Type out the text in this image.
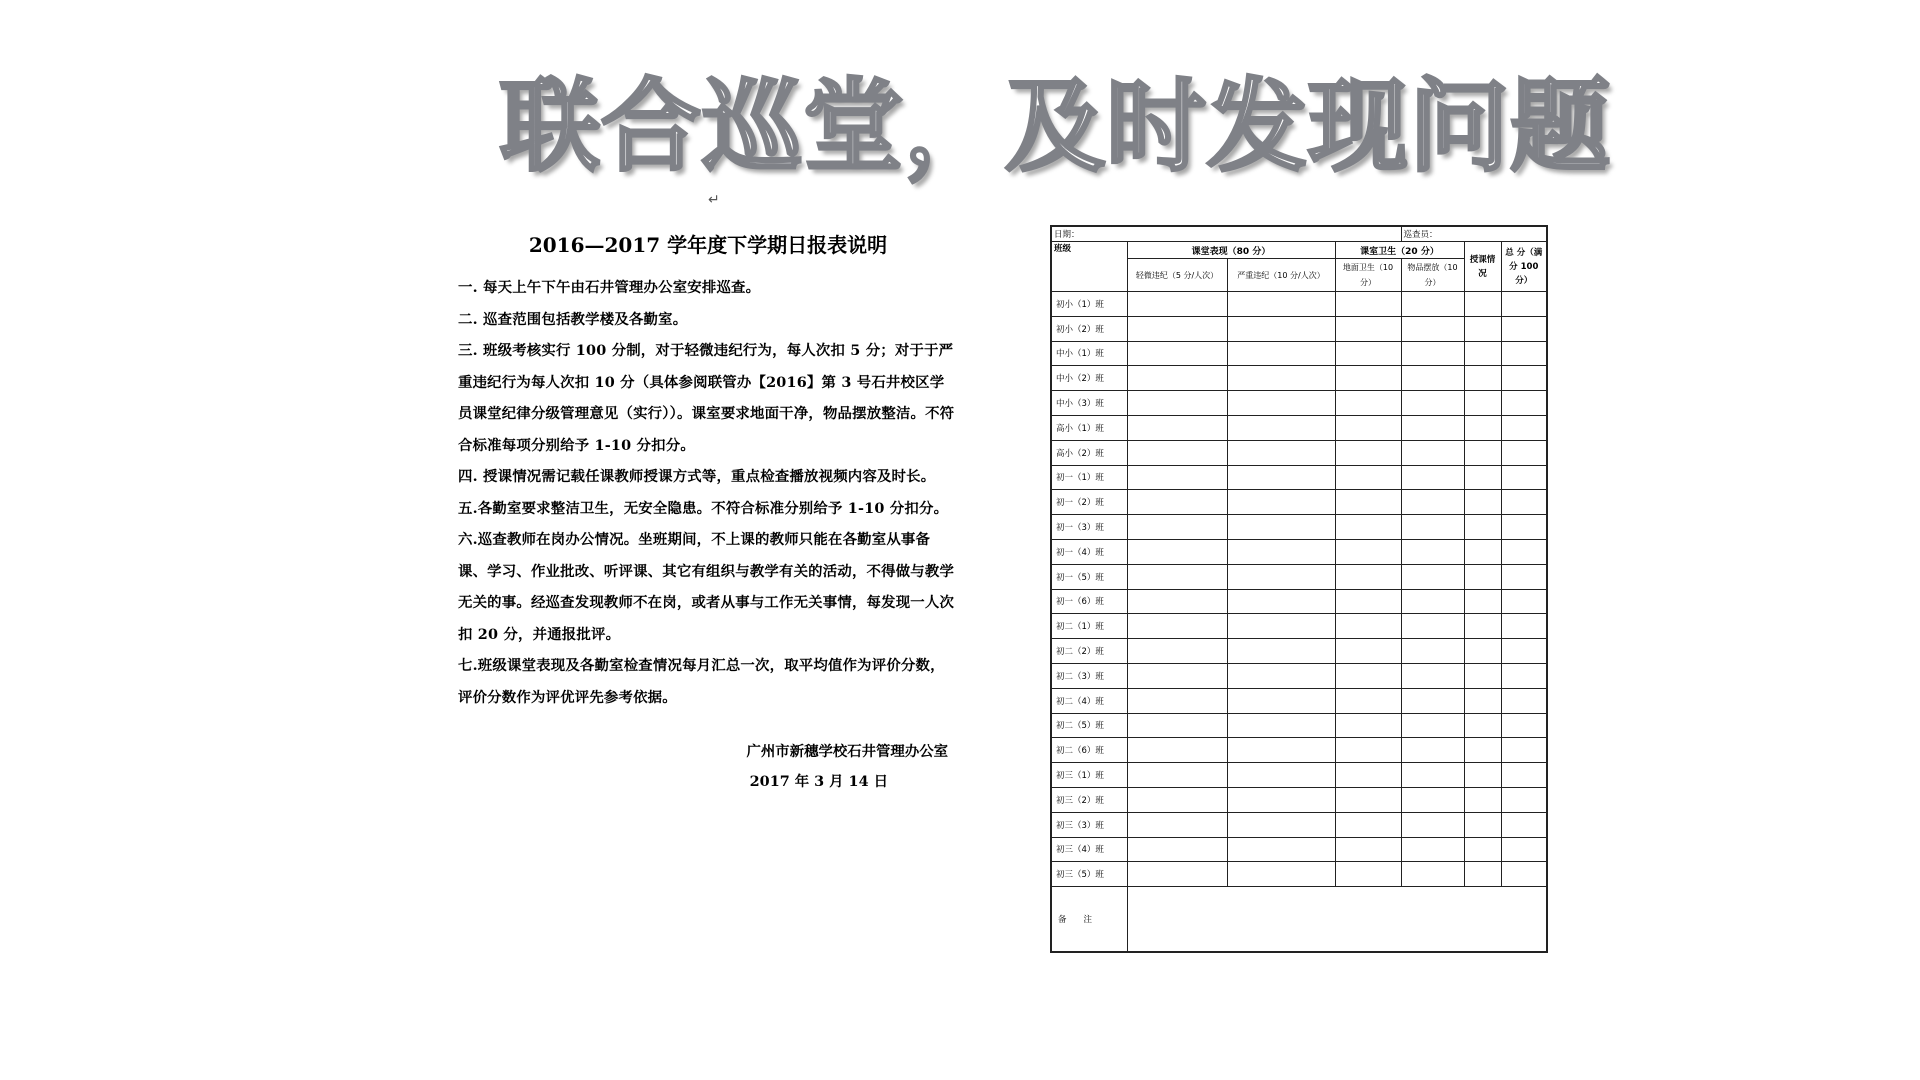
联合巡堂，及时发现问题
↵
2016—2017 学年度下学期日报表说明

一. 每天上午下午由石井管理办公室安排巡查。

二. 巡查范围包括教学楼及各勤室。

三. 班级考核实行 100 分制，对于轻微违纪行为，每人次扣 5 分；对于于严重违纪行为每人次扣 10 分（具体参阅联管办【2016】第 3 号石井校区学员课堂纪律分级管理意见（实行））。课室要求地面干净，物品摆放整洁。不符合标准每项分别给予 1-10 分扣分。

四. 授课情况需记载任课教师授课方式等，重点检查播放视频内容及时长。

五.各勤室要求整洁卫生，无安全隐患。不符合标准分别给予 1-10 分扣分。

六.巡查教师在岗办公情况。坐班期间，不上课的教师只能在各勤室从事备课、学习、作业批改、听评课、其它有组织与教学有关的活动，不得做与教学无关的事。经巡查发现教师不在岗，或者从事与工作无关事情，每发现一人次扣 20 分，并通报批评。

七.班级课堂表现及各勤室检查情况每月汇总一次，取平均值作为评价分数，评价分数作为评优评先参考依据。

广州市新穗学校石井管理办公室

2017 年 3 月 14 日

日期：				巡查员：		
班级	课堂表现（80 分）		课室卫生（20 分）		授课情况	总 分（满分 100 分）
	轻微违纪（5 分/人次）	严重违纪（10 分/人次）	地面卫生（10 分）	物品摆放（10 分）		
初小（1）班						
初小（2）班						
中小（1）班						
中小（2）班						
中小（3）班						
高小（1）班						
高小（2）班						
初一（1）班						
初一（2）班						
初一（3）班						
初一（4）班						
初一（5）班						
初一（6）班						
初二（1）班						
初二（2）班						
初二（3）班						
初二（4）班						
初二（5）班						
初二（6）班						
初三（1）班						
初三（2）班						
初三（3）班						
初三（4）班						
初三（5）班						
备　　注						
